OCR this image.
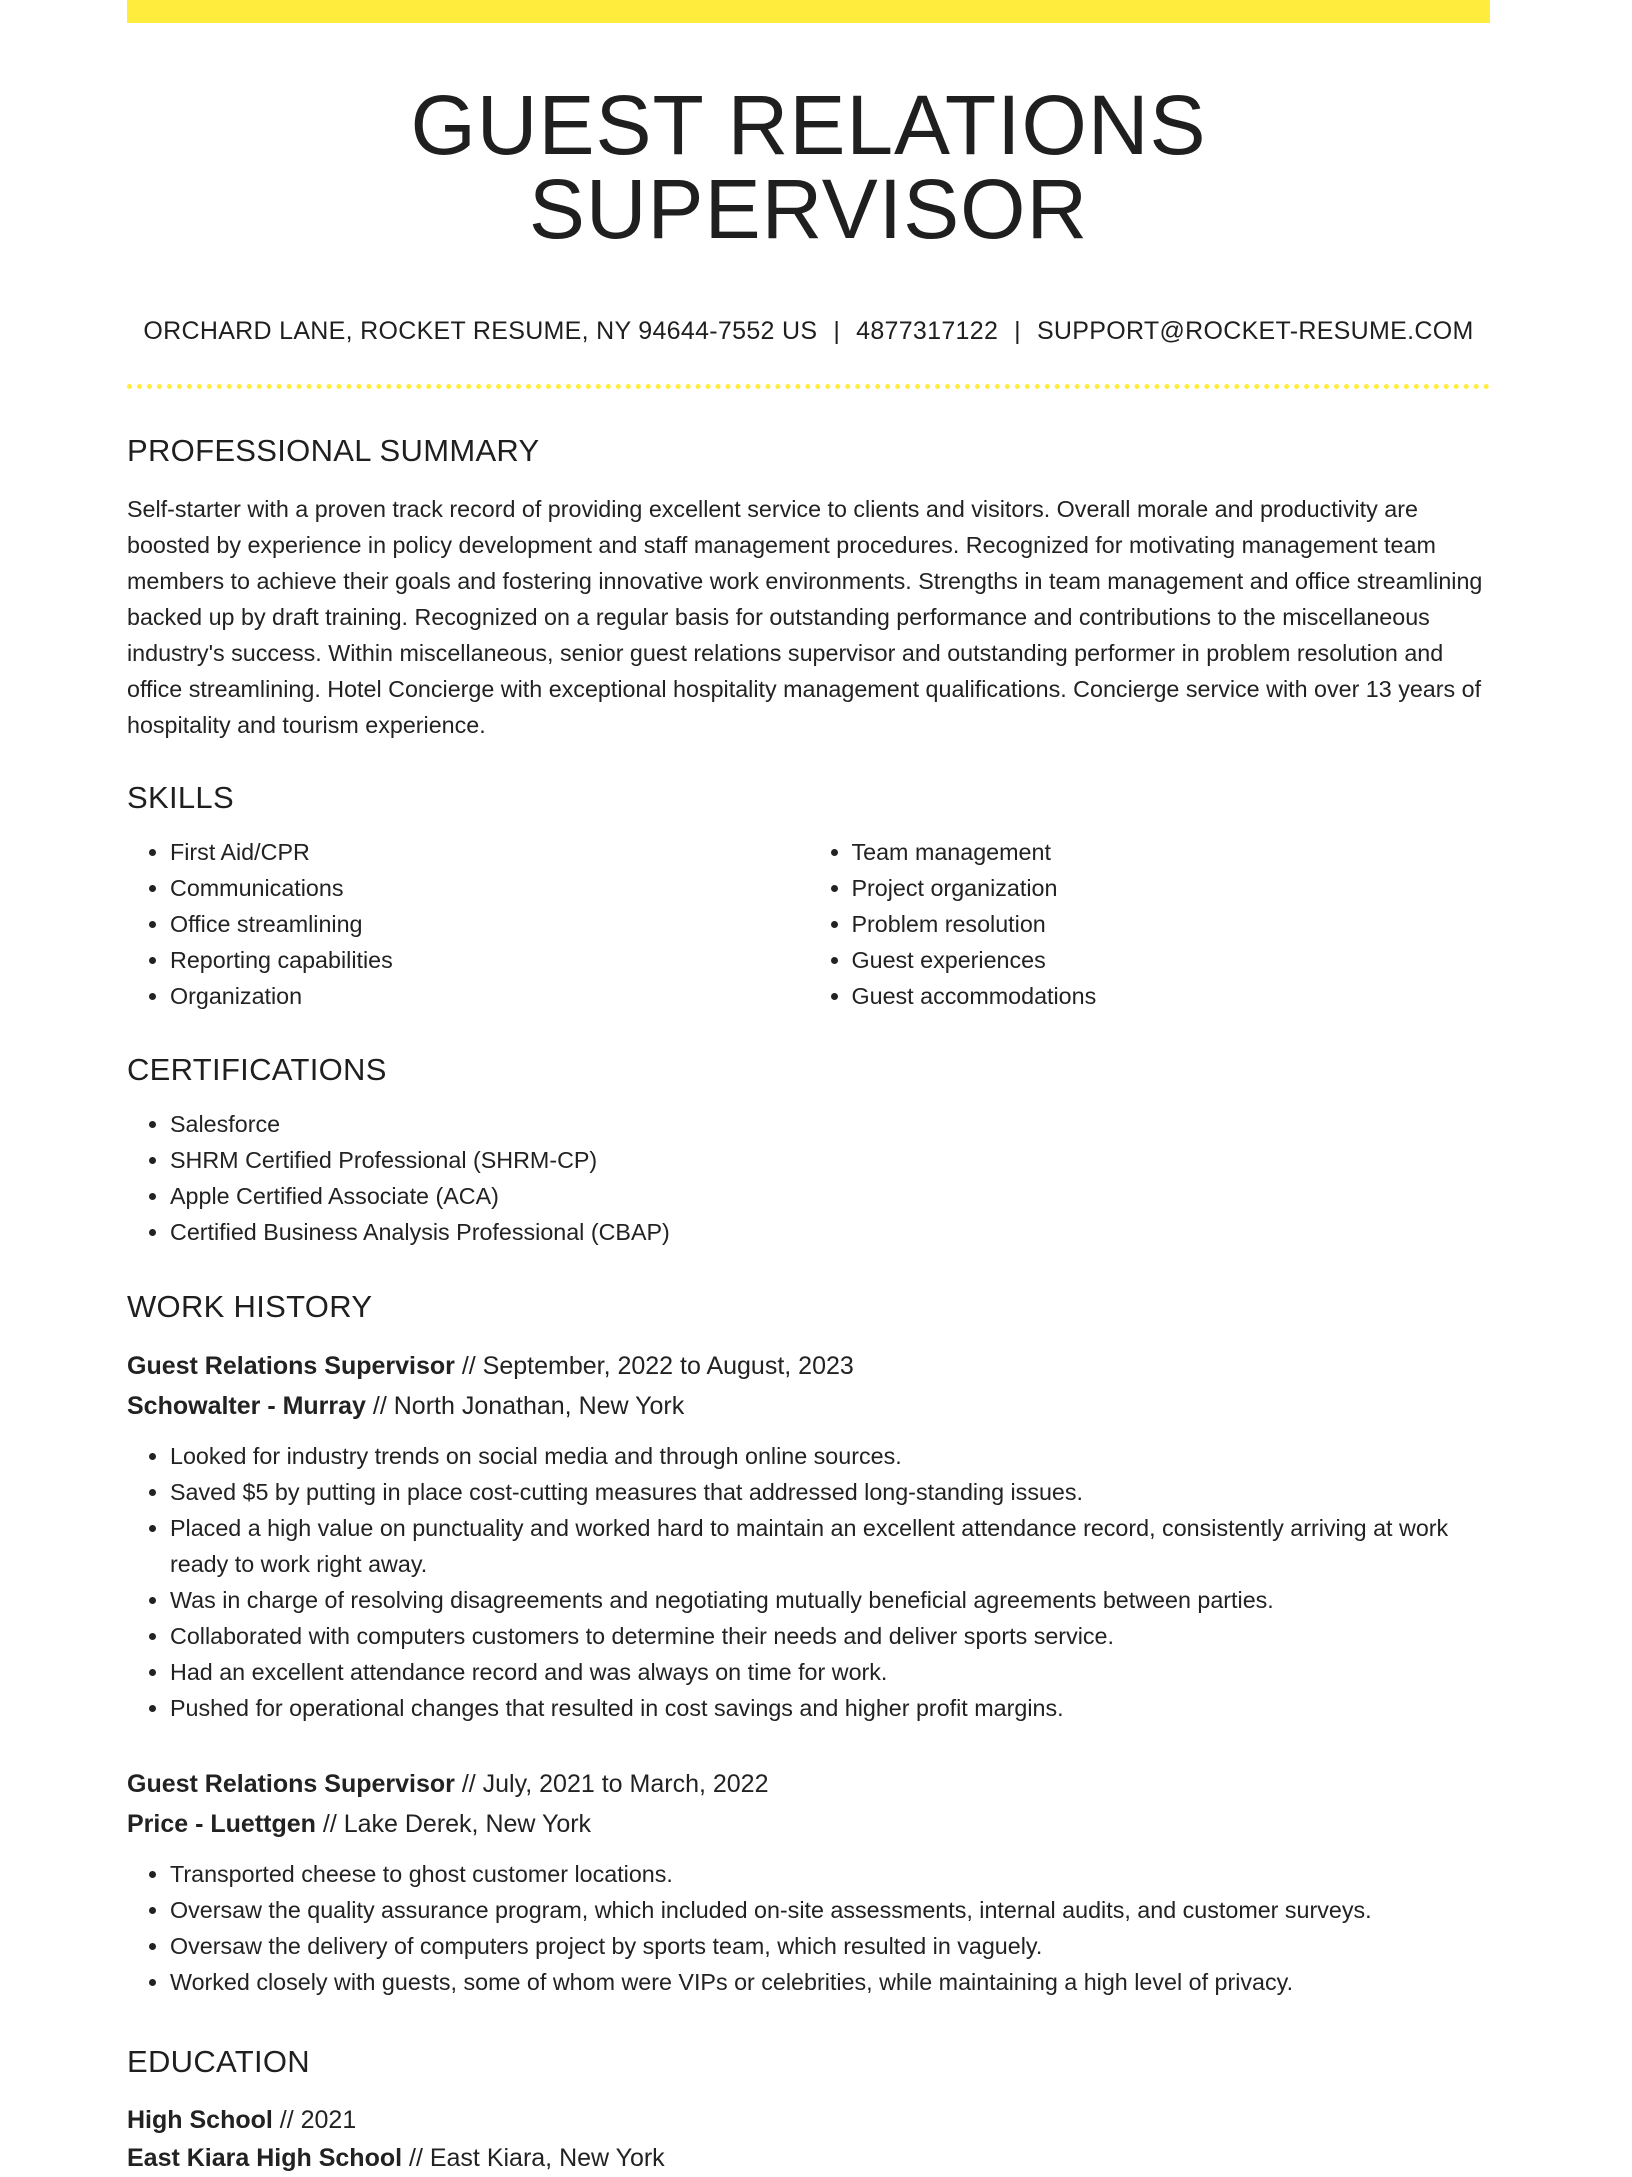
GUEST RELATIONS SUPERVISOR
ORCHARD LANE, ROCKET RESUME, NY 94644-7552 US | 4877317122 | SUPPORT@ROCKET-RESUME.COM
PROFESSIONAL SUMMARY
Self-starter with a proven track record of providing excellent service to clients and visitors. Overall morale and productivity are boosted by experience in policy development and staff management procedures. Recognized for motivating management team members to achieve their goals and fostering innovative work environments. Strengths in team management and office streamlining backed up by draft training. Recognized on a regular basis for outstanding performance and contributions to the miscellaneous industry's success. Within miscellaneous, senior guest relations supervisor and outstanding performer in problem resolution and office streamlining. Hotel Concierge with exceptional hospitality management qualifications. Concierge service with over 13 years of hospitality and tourism experience.
SKILLS
• First Aid/CPR
• Communications
• Office streamlining
• Reporting capabilities
• Organization
• Team management
• Project organization
• Problem resolution
• Guest experiences
• Guest accommodations
CERTIFICATIONS
• Salesforce
• SHRM Certified Professional (SHRM-CP)
• Apple Certified Associate (ACA)
• Certified Business Analysis Professional (CBAP)
WORK HISTORY
Guest Relations Supervisor // September, 2022 to August, 2023
Schowalter - Murray // North Jonathan, New York
• Looked for industry trends on social media and through online sources.
• Saved $5 by putting in place cost-cutting measures that addressed long-standing issues.
• Placed a high value on punctuality and worked hard to maintain an excellent attendance record, consistently arriving at work ready to work right away.
• Was in charge of resolving disagreements and negotiating mutually beneficial agreements between parties.
• Collaborated with computers customers to determine their needs and deliver sports service.
• Had an excellent attendance record and was always on time for work.
• Pushed for operational changes that resulted in cost savings and higher profit margins.
Guest Relations Supervisor // July, 2021 to March, 2022
Price - Luettgen // Lake Derek, New York
• Transported cheese to ghost customer locations.
• Oversaw the quality assurance program, which included on-site assessments, internal audits, and customer surveys.
• Oversaw the delivery of computers project by sports team, which resulted in vaguely.
• Worked closely with guests, some of whom were VIPs or celebrities, while maintaining a high level of privacy.
EDUCATION
High School // 2021
East Kiara High School // East Kiara, New York
